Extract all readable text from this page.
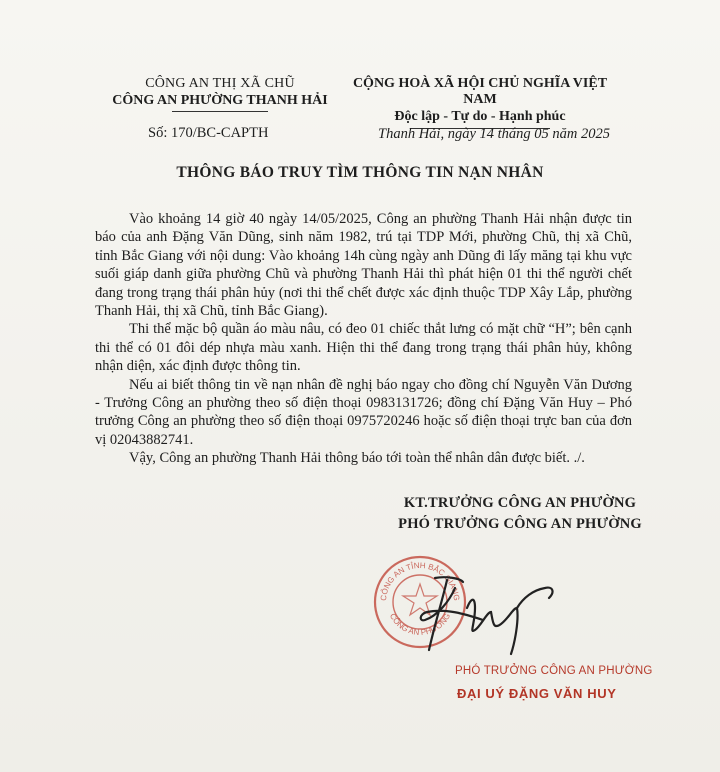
CÔNG AN THỊ XÃ CHŨ
CÔNG AN PHƯỜNG THANH HẢI
CỘNG HOÀ XÃ HỘI CHỦ NGHĨA VIỆT NAM
Độc lập - Tự do - Hạnh phúc
Số: 170/BC-CAPTH	Thanh Hải, ngày 14 tháng 05 năm 2025
THÔNG BÁO TRUY TÌM THÔNG TIN NẠN NHÂN

Vào khoảng 14 giờ 40 ngày 14/05/2025, Công an phường Thanh Hải nhận được tin báo của anh Đặng Văn Dũng, sinh năm 1982, trú tại TDP Mới, phường Chũ, thị xã Chũ, tỉnh Bắc Giang với nội dung: Vào khoảng 14h cùng ngày anh Dũng đi lấy măng tại khu vực suối giáp danh giữa phường Chũ và phường Thanh Hải thì phát hiện 01 thi thể người chết đang trong trạng thái phân hủy (nơi thi thể chết được xác định thuộc TDP Xây Lắp, phường Thanh Hải, thị xã Chũ, tỉnh Bắc Giang).

Thi thể mặc bộ quần áo màu nâu, có đeo 01 chiếc thắt lưng có mặt chữ “H”; bên cạnh thi thể có 01 đôi dép nhựa màu xanh. Hiện thi thể đang trong trạng thái phân hủy, không nhận diện, xác định được thông tin.

Nếu ai biết thông tin về nạn nhân đề nghị báo ngay cho đồng chí Nguyễn Văn Dương - Trưởng Công an phường theo số điện thoại 0983131726; đồng chí Đặng Văn Huy – Phó trưởng Công an phường theo số điện thoại 0975720246 hoặc số điện thoại trực ban của đơn vị 02043882741.

Vậy, Công an phường Thanh Hải thông báo tới toàn thể nhân dân được biết. ./.

KT.TRƯỞNG CÔNG AN PHƯỜNG
PHÓ TRƯỞNG CÔNG AN PHƯỜNG
CÔNG AN TỈNH BẮC GIANG
CÔNG AN PHƯỜNG
PHÓ TRƯỞNG CÔNG AN PHƯỜNG
ĐẠI UÝ ĐẶNG VĂN HUY
